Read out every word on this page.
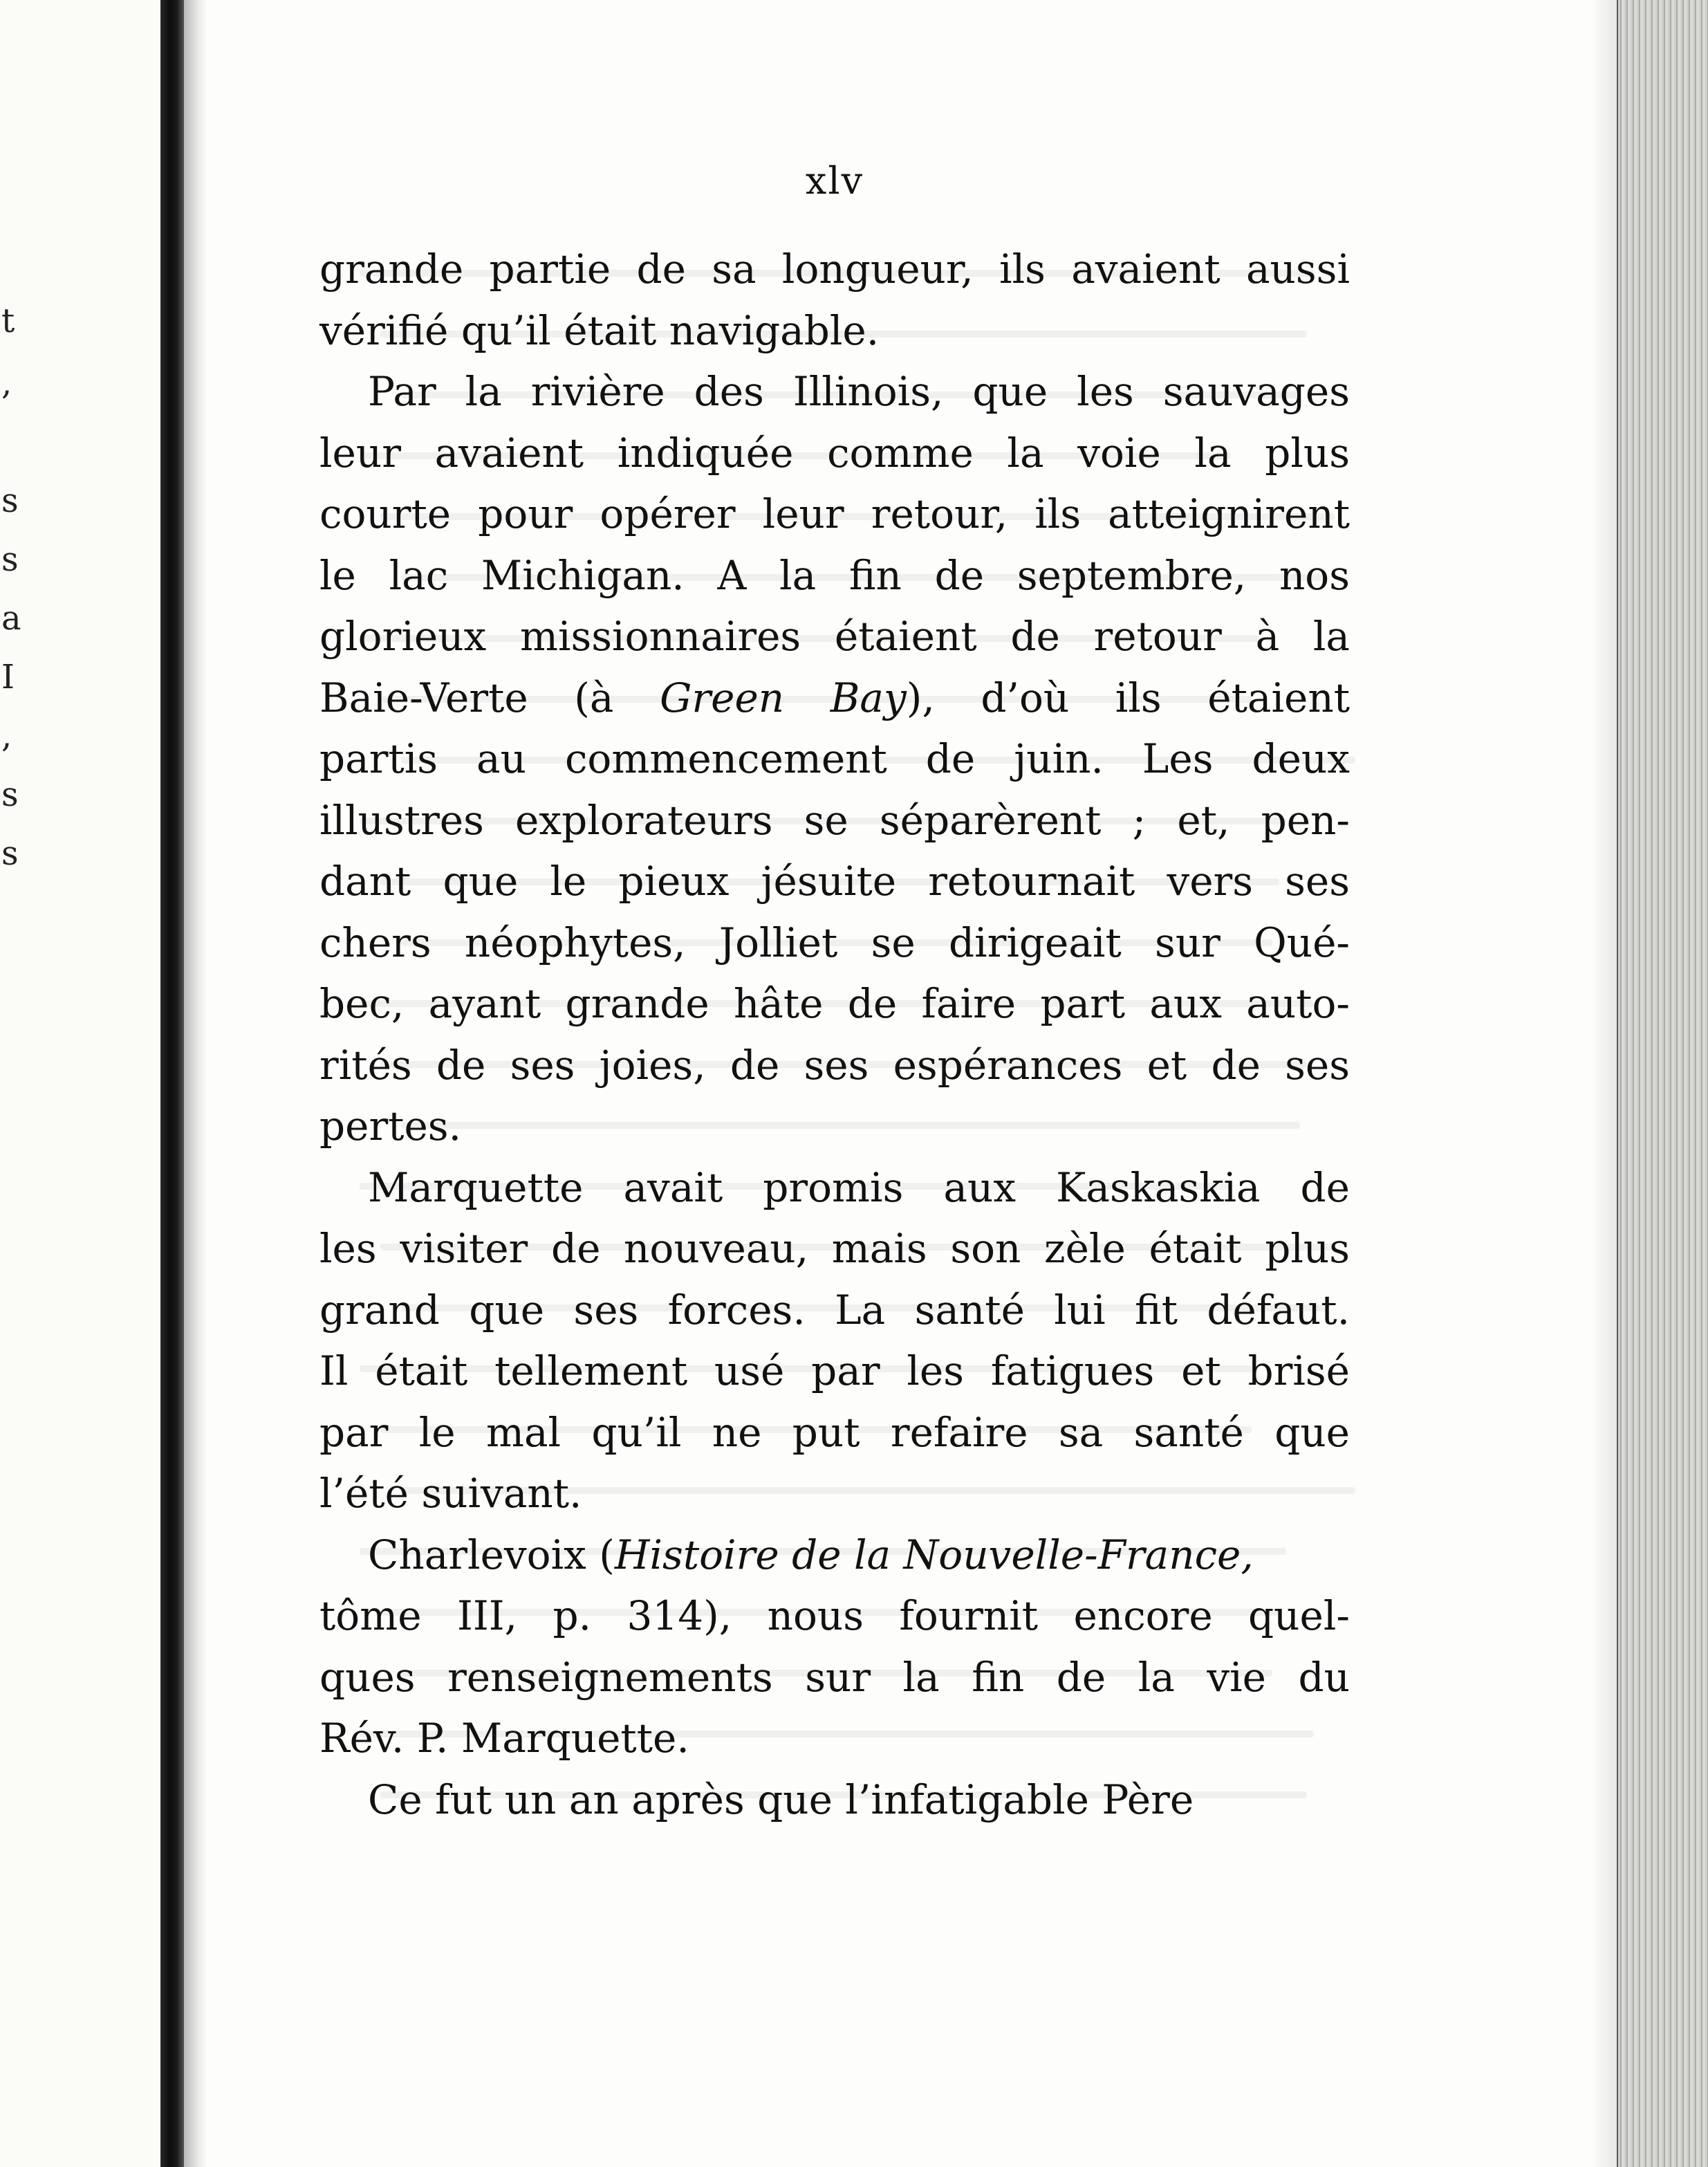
t
,
s
s
a
I
,
s
s
xlv
grande partie de sa longueur, ils avaient aussi
vérifié qu’il était navigable.
Par la rivière des Illinois, que les sauvages
leur avaient indiquée comme la voie la plus
courte pour opérer leur retour, ils atteignirent
le lac Michigan. A la fin de septembre, nos
glorieux missionnaires étaient de retour à la
Baie-Verte (à Green Bay), d’où ils étaient
partis au commencement de juin. Les deux
illustres explorateurs se séparèrent ; et, pen-
dant que le pieux jésuite retournait vers ses
chers néophytes, Jolliet se dirigeait sur Qué-
bec, ayant grande hâte de faire part aux auto-
rités de ses joies, de ses espérances et de ses
pertes.
Marquette avait promis aux Kaskaskia de
les visiter de nouveau, mais son zèle était plus
grand que ses forces. La santé lui fit défaut.
Il était tellement usé par les fatigues et brisé
par le mal qu’il ne put refaire sa santé que
l’été suivant.
Charlevoix (Histoire de la Nouvelle-France,
tôme III, p. 314), nous fournit encore quel-
ques renseignements sur la fin de la vie du
Rév. P. Marquette.
Ce fut un an après que l’infatigable Père
